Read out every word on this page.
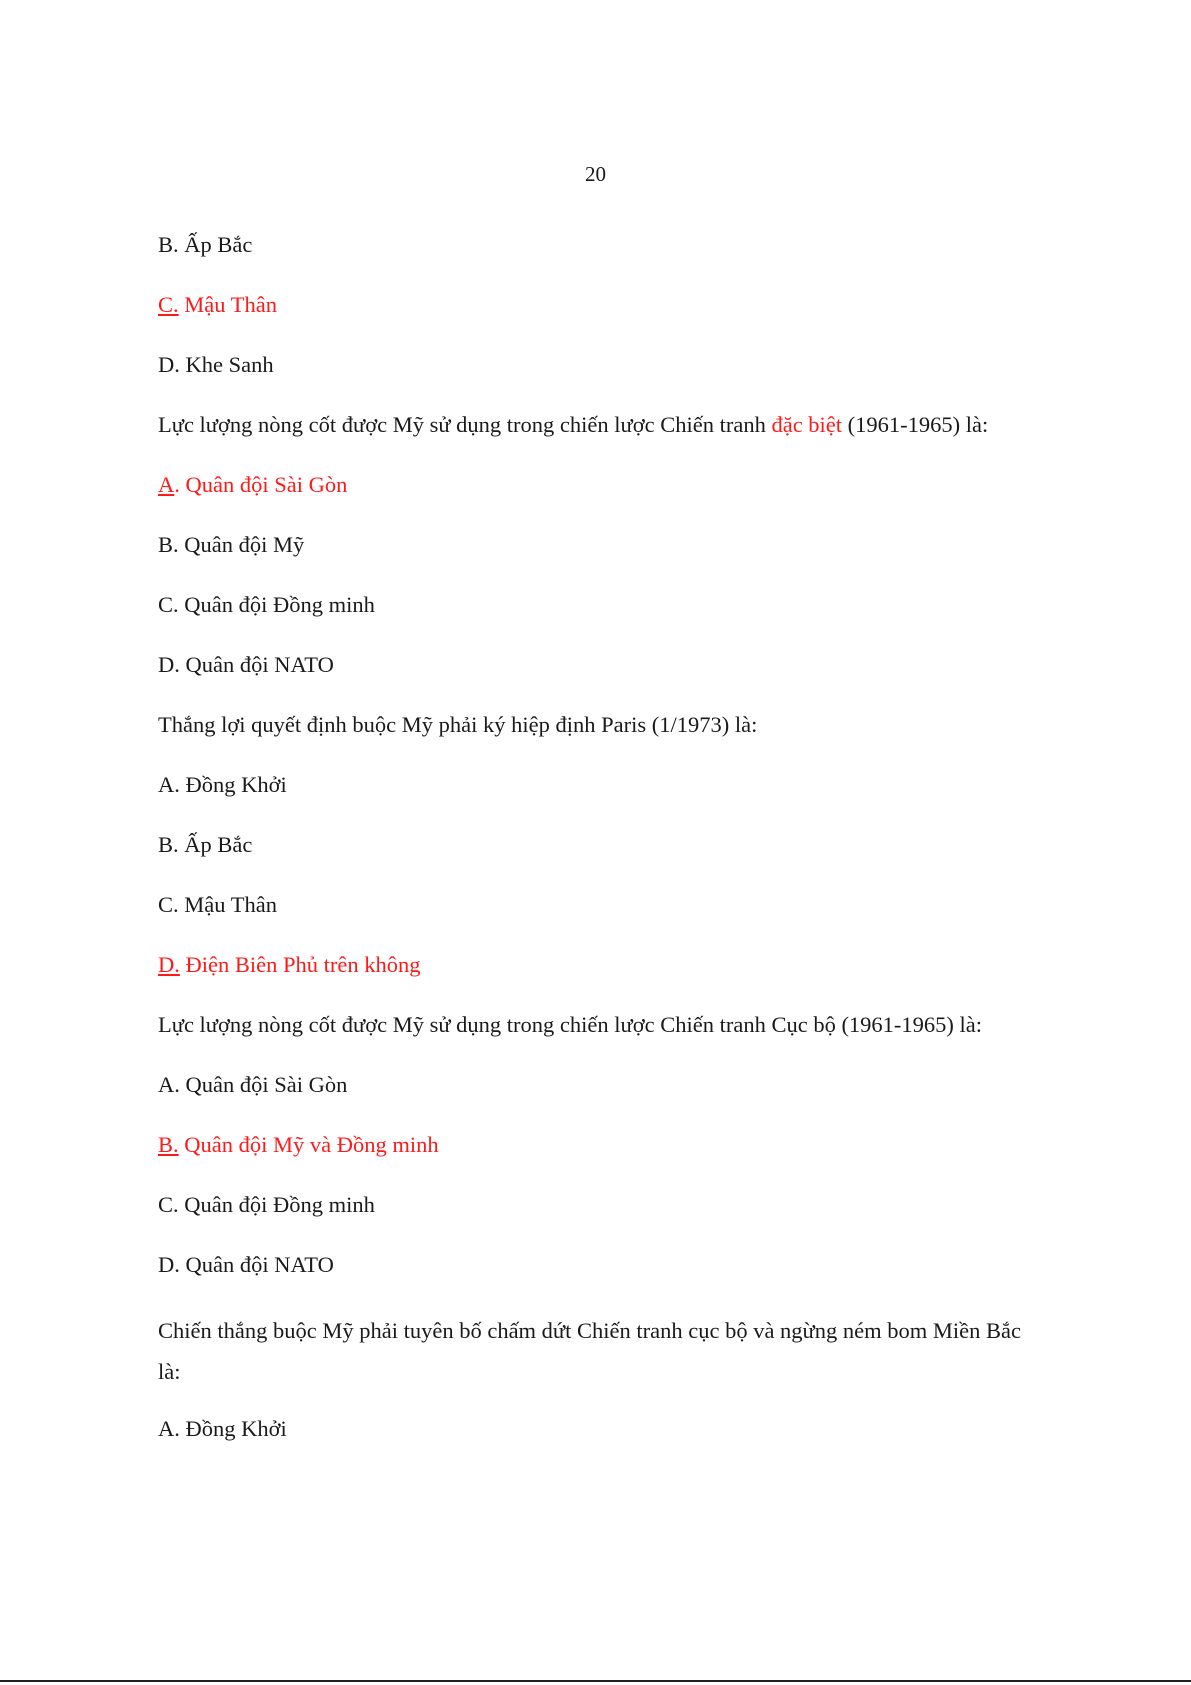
20

B. Ấp Bắc

C. Mậu Thân

D. Khe Sanh

Lực lượng nòng cốt được Mỹ sử dụng trong chiến lược Chiến tranh đặc biệt (1961-1965) là:

A. Quân đội Sài Gòn

B. Quân đội Mỹ

C. Quân đội Đồng minh

D. Quân đội NATO

Thắng lợi quyết định buộc Mỹ phải ký hiệp định Paris (1/1973) là:

A. Đồng Khởi

B. Ấp Bắc

C. Mậu Thân

D. Điện Biên Phủ trên không

Lực lượng nòng cốt được Mỹ sử dụng trong chiến lược Chiến tranh Cục bộ (1961-1965) là:

A. Quân đội Sài Gòn

B. Quân đội Mỹ và Đồng minh

C. Quân đội Đồng minh

D. Quân đội NATO

Chiến thắng buộc Mỹ phải tuyên bố chấm dứt Chiến tranh cục bộ và ngừng ném bom Miền Bắc là:

A. Đồng Khởi
